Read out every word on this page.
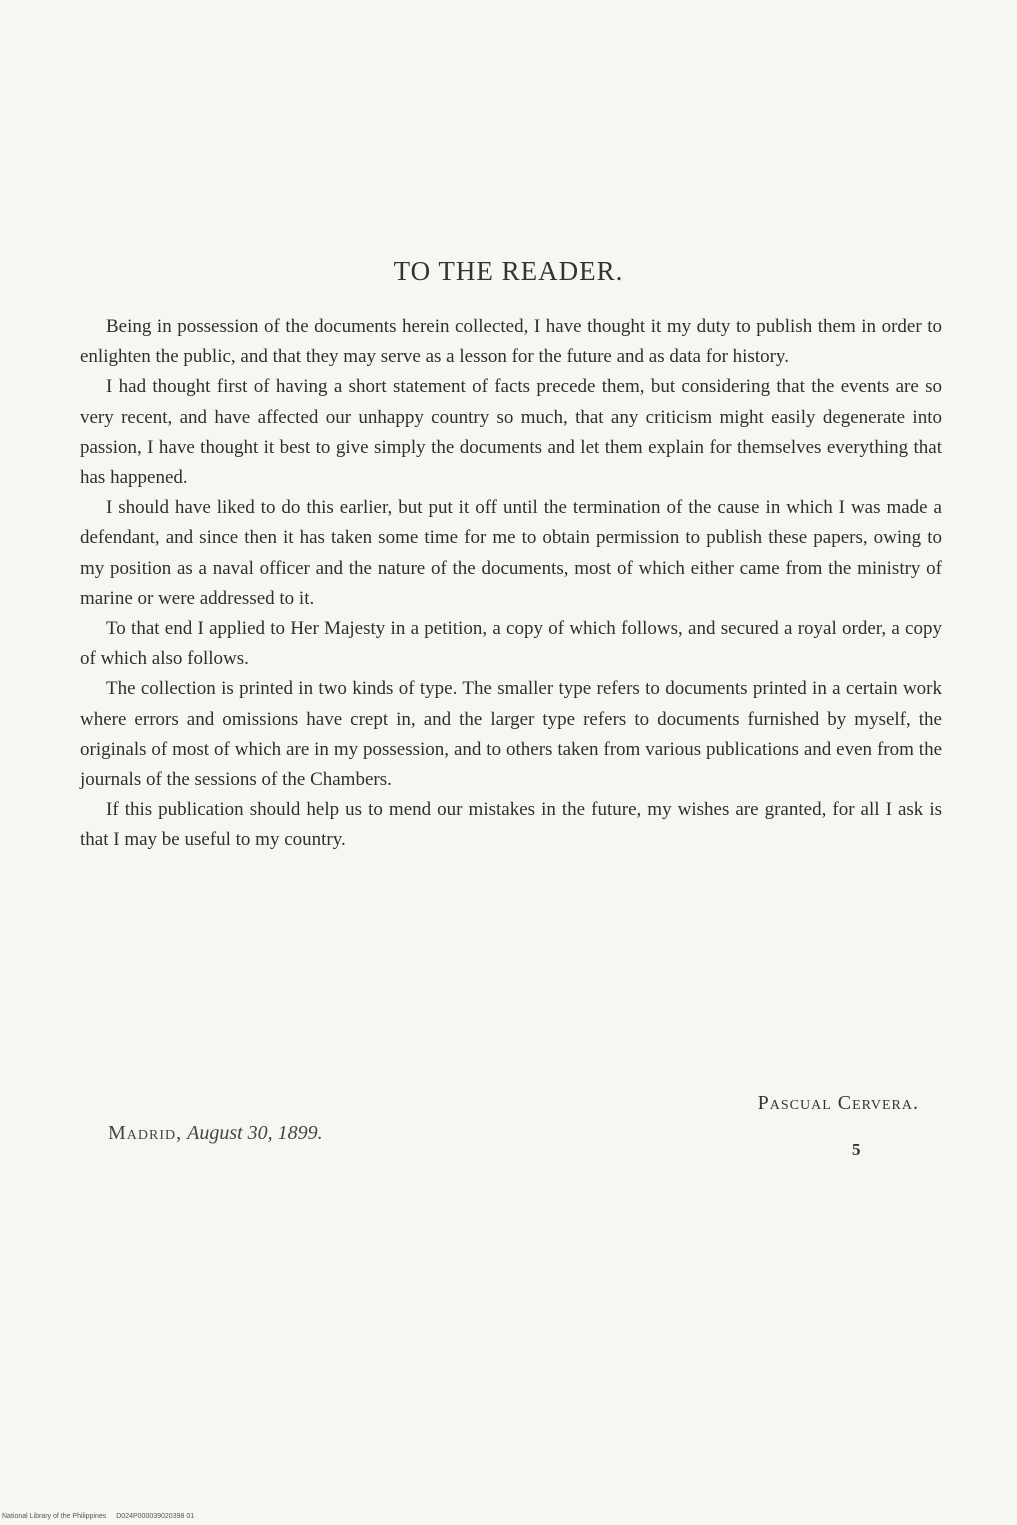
TO THE READER.

Being in possession of the documents herein collected, I have thought it my duty to publish them in order to enlighten the public, and that they may serve as a lesson for the future and as data for history.

I had thought first of having a short statement of facts precede them, but considering that the events are so very recent, and have affected our unhappy country so much, that any criticism might easily degenerate into passion, I have thought it best to give simply the documents and let them explain for themselves everything that has happened.

I should have liked to do this earlier, but put it off until the termination of the cause in which I was made a defendant, and since then it has taken some time for me to obtain permission to publish these papers, owing to my position as a naval officer and the nature of the documents, most of which either came from the ministry of marine or were addressed to it.

To that end I applied to Her Majesty in a petition, a copy of which follows, and secured a royal order, a copy of which also follows.

The collection is printed in two kinds of type. The smaller type refers to documents printed in a certain work where errors and omissions have crept in, and the larger type refers to documents furnished by myself, the originals of most of which are in my possession, and to others taken from various publications and even from the journals of the sessions of the Chambers.

If this publication should help us to mend our mistakes in the future, my wishes are granted, for all I ask is that I may be useful to my country.

Pascual Cervera.
Madrid, August 30, 1899.
5
National Library of the Philippines D024P000039020398 01
